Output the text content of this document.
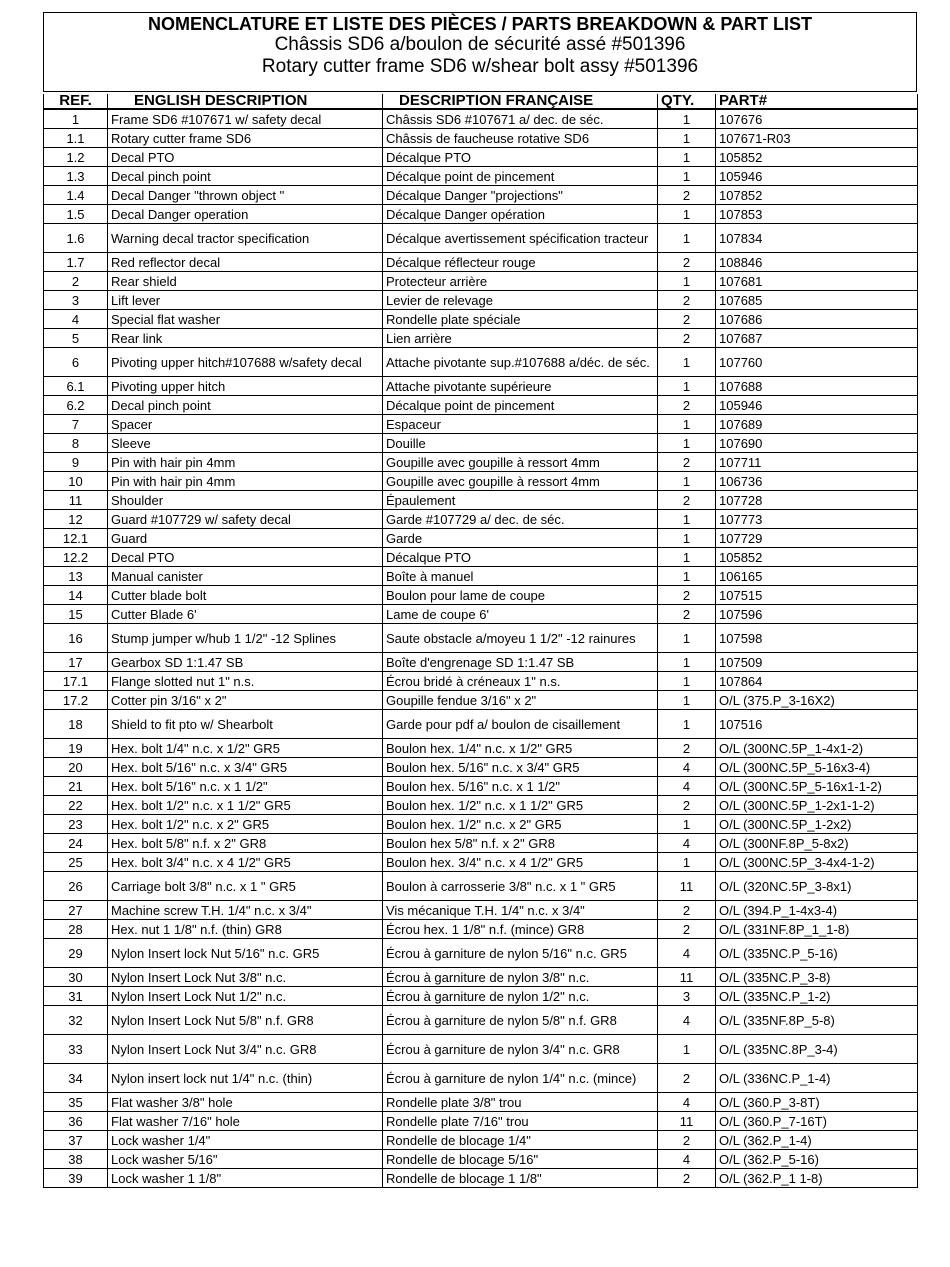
NOMENCLATURE ET LISTE DES PIÈCES / PARTS BREAKDOWN & PART LIST
Châssis SD6 a/boulon de sécurité assé #501396
Rotary cutter frame SD6 w/shear bolt assy #501396
REF.	ENGLISH DESCRIPTION	DESCRIPTION FRANÇAISE	QTY.	PART#
1	Frame SD6 #107671 w/ safety decal	Châssis SD6 #107671 a/ dec. de séc.	1	107676
1.1	Rotary cutter frame SD6	Châssis de faucheuse rotative SD6	1	107671-R03
1.2	Decal PTO	Décalque PTO	1	105852
1.3	Decal pinch point	Décalque point de pincement	1	105946
1.4	Decal Danger "thrown object "	Décalque Danger "projections"	2	107852
1.5	Decal Danger operation	Décalque Danger opération	1	107853
1.6	Warning decal tractor specification	Décalque avertissement spécification tracteur	1	107834
1.7	Red reflector decal	Décalque réflecteur rouge	2	108846
2	Rear shield	Protecteur arrière	1	107681
3	Lift lever	Levier de relevage	2	107685
4	Special flat washer	Rondelle plate spéciale	2	107686
5	Rear link	Lien arrière	2	107687
6	Pivoting upper hitch#107688 w/safety decal	Attache pivotante sup.#107688 a/déc. de séc.	1	107760
6.1	Pivoting upper hitch	Attache pivotante supérieure	1	107688
6.2	Decal pinch point	Décalque point de pincement	2	105946
7	Spacer	Espaceur	1	107689
8	Sleeve	Douille	1	107690
9	Pin with hair pin 4mm	Goupille avec goupille à ressort 4mm	2	107711
10	Pin with hair pin 4mm	Goupille avec goupille à ressort 4mm	1	106736
11	Shoulder	Épaulement	2	107728
12	Guard #107729 w/ safety decal	Garde #107729 a/ dec. de séc.	1	107773
12.1	Guard	Garde	1	107729
12.2	Decal PTO	Décalque PTO	1	105852
13	Manual canister	Boîte à manuel	1	106165
14	Cutter blade bolt	Boulon pour lame de coupe	2	107515
15	Cutter Blade 6'	Lame de coupe 6'	2	107596
16	Stump jumper w/hub 1 1/2" -12 Splines	Saute obstacle a/moyeu 1 1/2" -12 rainures	1	107598
17	Gearbox SD 1:1.47 SB	Boîte d'engrenage SD 1:1.47 SB	1	107509
17.1	Flange slotted nut 1" n.s.	Écrou bridé à créneaux 1" n.s.	1	107864
17.2	Cotter pin 3/16" x 2"	Goupille fendue 3/16" x 2"	1	O/L (375.P_3-16X2)
18	Shield to fit pto w/ Shearbolt	Garde pour pdf a/ boulon de cisaillement	1	107516
19	Hex. bolt 1/4" n.c. x 1/2" GR5	Boulon hex. 1/4" n.c. x 1/2" GR5	2	O/L (300NC.5P_1-4x1-2)
20	Hex. bolt 5/16" n.c. x 3/4" GR5	Boulon hex. 5/16" n.c. x 3/4" GR5	4	O/L (300NC.5P_5-16x3-4)
21	Hex. bolt 5/16" n.c. x 1 1/2"	Boulon hex. 5/16" n.c. x 1 1/2"	4	O/L (300NC.5P_5-16x1-1-2)
22	Hex. bolt 1/2" n.c. x 1 1/2" GR5	Boulon hex. 1/2" n.c. x 1 1/2" GR5	2	O/L (300NC.5P_1-2x1-1-2)
23	Hex. bolt 1/2" n.c. x 2" GR5	Boulon hex. 1/2" n.c. x 2" GR5	1	O/L (300NC.5P_1-2x2)
24	Hex. bolt 5/8" n.f. x 2" GR8	Boulon hex 5/8" n.f. x 2" GR8	4	O/L (300NF.8P_5-8x2)
25	Hex. bolt 3/4" n.c. x 4 1/2" GR5	Boulon hex. 3/4" n.c. x 4 1/2" GR5	1	O/L (300NC.5P_3-4x4-1-2)
26	Carriage bolt 3/8" n.c. x 1 " GR5	Boulon à carrosserie 3/8" n.c. x 1 " GR5	11	O/L (320NC.5P_3-8x1)
27	Machine screw T.H. 1/4" n.c. x 3/4"	Vis mécanique T.H. 1/4" n.c. x 3/4"	2	O/L (394.P_1-4x3-4)
28	Hex. nut 1 1/8" n.f. (thin) GR8	Écrou hex. 1 1/8" n.f. (mince) GR8	2	O/L (331NF.8P_1_1-8)
29	Nylon Insert lock Nut 5/16" n.c. GR5	Écrou à garniture de nylon 5/16" n.c. GR5	4	O/L (335NC.P_5-16)
30	Nylon Insert Lock Nut 3/8" n.c.	Écrou à garniture de nylon 3/8" n.c.	11	O/L (335NC.P_3-8)
31	Nylon Insert Lock Nut 1/2" n.c.	Écrou à garniture de nylon 1/2" n.c.	3	O/L (335NC.P_1-2)
32	Nylon Insert Lock Nut 5/8" n.f. GR8	Écrou à garniture de nylon 5/8" n.f. GR8	4	O/L (335NF.8P_5-8)
33	Nylon Insert Lock Nut 3/4" n.c. GR8	Écrou à garniture de nylon 3/4" n.c. GR8	1	O/L (335NC.8P_3-4)
34	Nylon insert lock nut 1/4" n.c. (thin)	Écrou à garniture de nylon 1/4" n.c. (mince)	2	O/L (336NC.P_1-4)
35	Flat washer 3/8" hole	Rondelle plate 3/8" trou	4	O/L (360.P_3-8T)
36	Flat washer 7/16" hole	Rondelle plate 7/16" trou	11	O/L (360.P_7-16T)
37	Lock washer 1/4"	Rondelle de blocage 1/4"	2	O/L (362.P_1-4)
38	Lock washer 5/16"	Rondelle de blocage 5/16"	4	O/L (362.P_5-16)
39	Lock washer 1 1/8"	Rondelle de blocage 1 1/8"	2	O/L (362.P_1 1-8)
